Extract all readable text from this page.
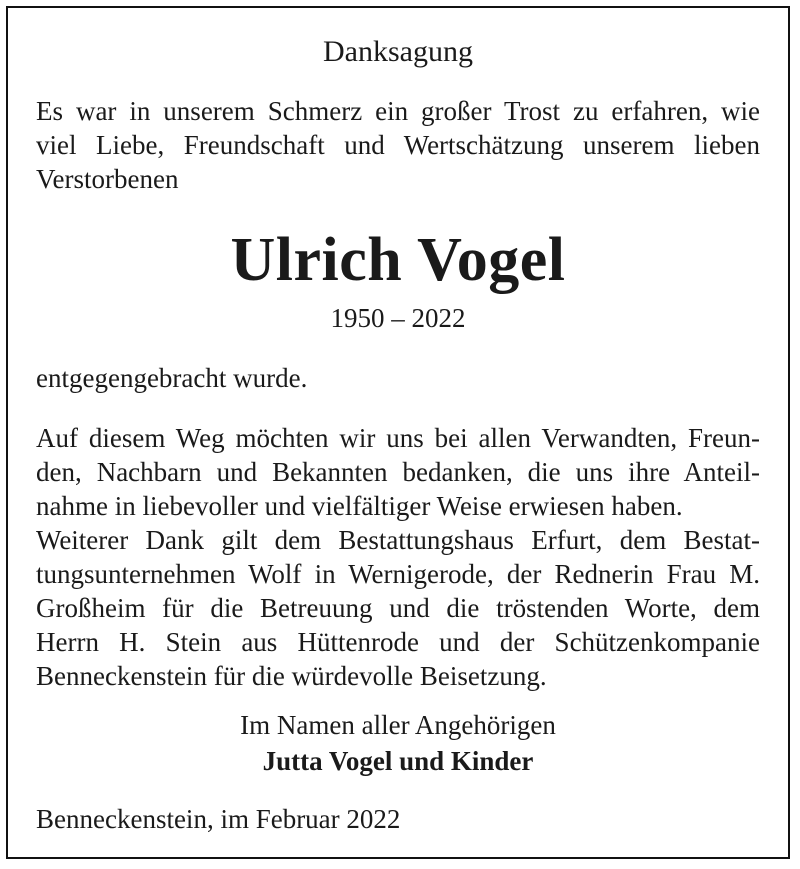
Danksagung
Es war in unserem Schmerz ein großer Trost zu erfahren, wie
viel Liebe, Freundschaft und Wertschätzung unserem lieben
Verstorbenen
Ulrich Vogel
1950 – 2022
entgegengebracht wurde.
Auf diesem Weg möchten wir uns bei allen Verwandten, Freun-
den, Nachbarn und Bekannten bedanken, die uns ihre Anteil-
nahme in liebevoller und vielfältiger Weise erwiesen haben.
Weiterer Dank gilt dem Bestattungshaus Erfurt, dem Bestat-
tungsunternehmen Wolf in Wernigerode, der Rednerin Frau M.
Großheim für die Betreuung und die tröstenden Worte, dem
Herrn H. Stein aus Hüttenrode und der Schützenkompanie
Benneckenstein für die würdevolle Beisetzung.
Im Namen aller Angehörigen
Jutta Vogel und Kinder
Benneckenstein, im Februar 2022
